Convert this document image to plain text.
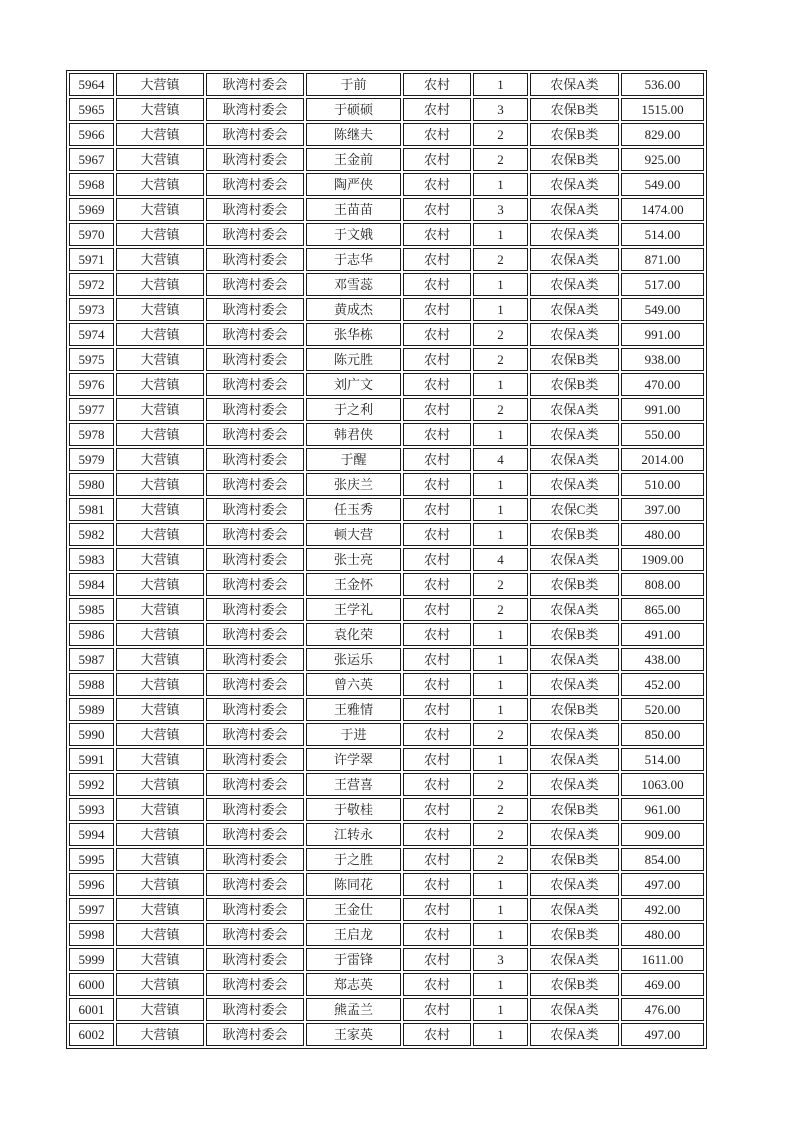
5964	大营镇	耿湾村委会	于前	农村	1	农保A类	536.00
5965	大营镇	耿湾村委会	于硕硕	农村	3	农保B类	1515.00
5966	大营镇	耿湾村委会	陈继夫	农村	2	农保B类	829.00
5967	大营镇	耿湾村委会	王金前	农村	2	农保B类	925.00
5968	大营镇	耿湾村委会	陶严侠	农村	1	农保A类	549.00
5969	大营镇	耿湾村委会	王苗苗	农村	3	农保A类	1474.00
5970	大营镇	耿湾村委会	于文娥	农村	1	农保A类	514.00
5971	大营镇	耿湾村委会	于志华	农村	2	农保A类	871.00
5972	大营镇	耿湾村委会	邓雪蕊	农村	1	农保A类	517.00
5973	大营镇	耿湾村委会	黄成杰	农村	1	农保A类	549.00
5974	大营镇	耿湾村委会	张华栋	农村	2	农保A类	991.00
5975	大营镇	耿湾村委会	陈元胜	农村	2	农保B类	938.00
5976	大营镇	耿湾村委会	刘广文	农村	1	农保B类	470.00
5977	大营镇	耿湾村委会	于之利	农村	2	农保A类	991.00
5978	大营镇	耿湾村委会	韩君侠	农村	1	农保A类	550.00
5979	大营镇	耿湾村委会	于醒	农村	4	农保A类	2014.00
5980	大营镇	耿湾村委会	张庆兰	农村	1	农保A类	510.00
5981	大营镇	耿湾村委会	任玉秀	农村	1	农保C类	397.00
5982	大营镇	耿湾村委会	顿大营	农村	1	农保B类	480.00
5983	大营镇	耿湾村委会	张士亮	农村	4	农保A类	1909.00
5984	大营镇	耿湾村委会	王金怀	农村	2	农保B类	808.00
5985	大营镇	耿湾村委会	王学礼	农村	2	农保A类	865.00
5986	大营镇	耿湾村委会	袁化荣	农村	1	农保B类	491.00
5987	大营镇	耿湾村委会	张运乐	农村	1	农保A类	438.00
5988	大营镇	耿湾村委会	曾六英	农村	1	农保A类	452.00
5989	大营镇	耿湾村委会	王雅情	农村	1	农保B类	520.00
5990	大营镇	耿湾村委会	于进	农村	2	农保A类	850.00
5991	大营镇	耿湾村委会	许学翠	农村	1	农保A类	514.00
5992	大营镇	耿湾村委会	王营喜	农村	2	农保A类	1063.00
5993	大营镇	耿湾村委会	于敬桂	农村	2	农保B类	961.00
5994	大营镇	耿湾村委会	江转永	农村	2	农保A类	909.00
5995	大营镇	耿湾村委会	于之胜	农村	2	农保B类	854.00
5996	大营镇	耿湾村委会	陈同花	农村	1	农保A类	497.00
5997	大营镇	耿湾村委会	王金仕	农村	1	农保A类	492.00
5998	大营镇	耿湾村委会	王启龙	农村	1	农保B类	480.00
5999	大营镇	耿湾村委会	于雷锋	农村	3	农保A类	1611.00
6000	大营镇	耿湾村委会	郑志英	农村	1	农保B类	469.00
6001	大营镇	耿湾村委会	熊孟兰	农村	1	农保A类	476.00
6002	大营镇	耿湾村委会	王家英	农村	1	农保A类	497.00
